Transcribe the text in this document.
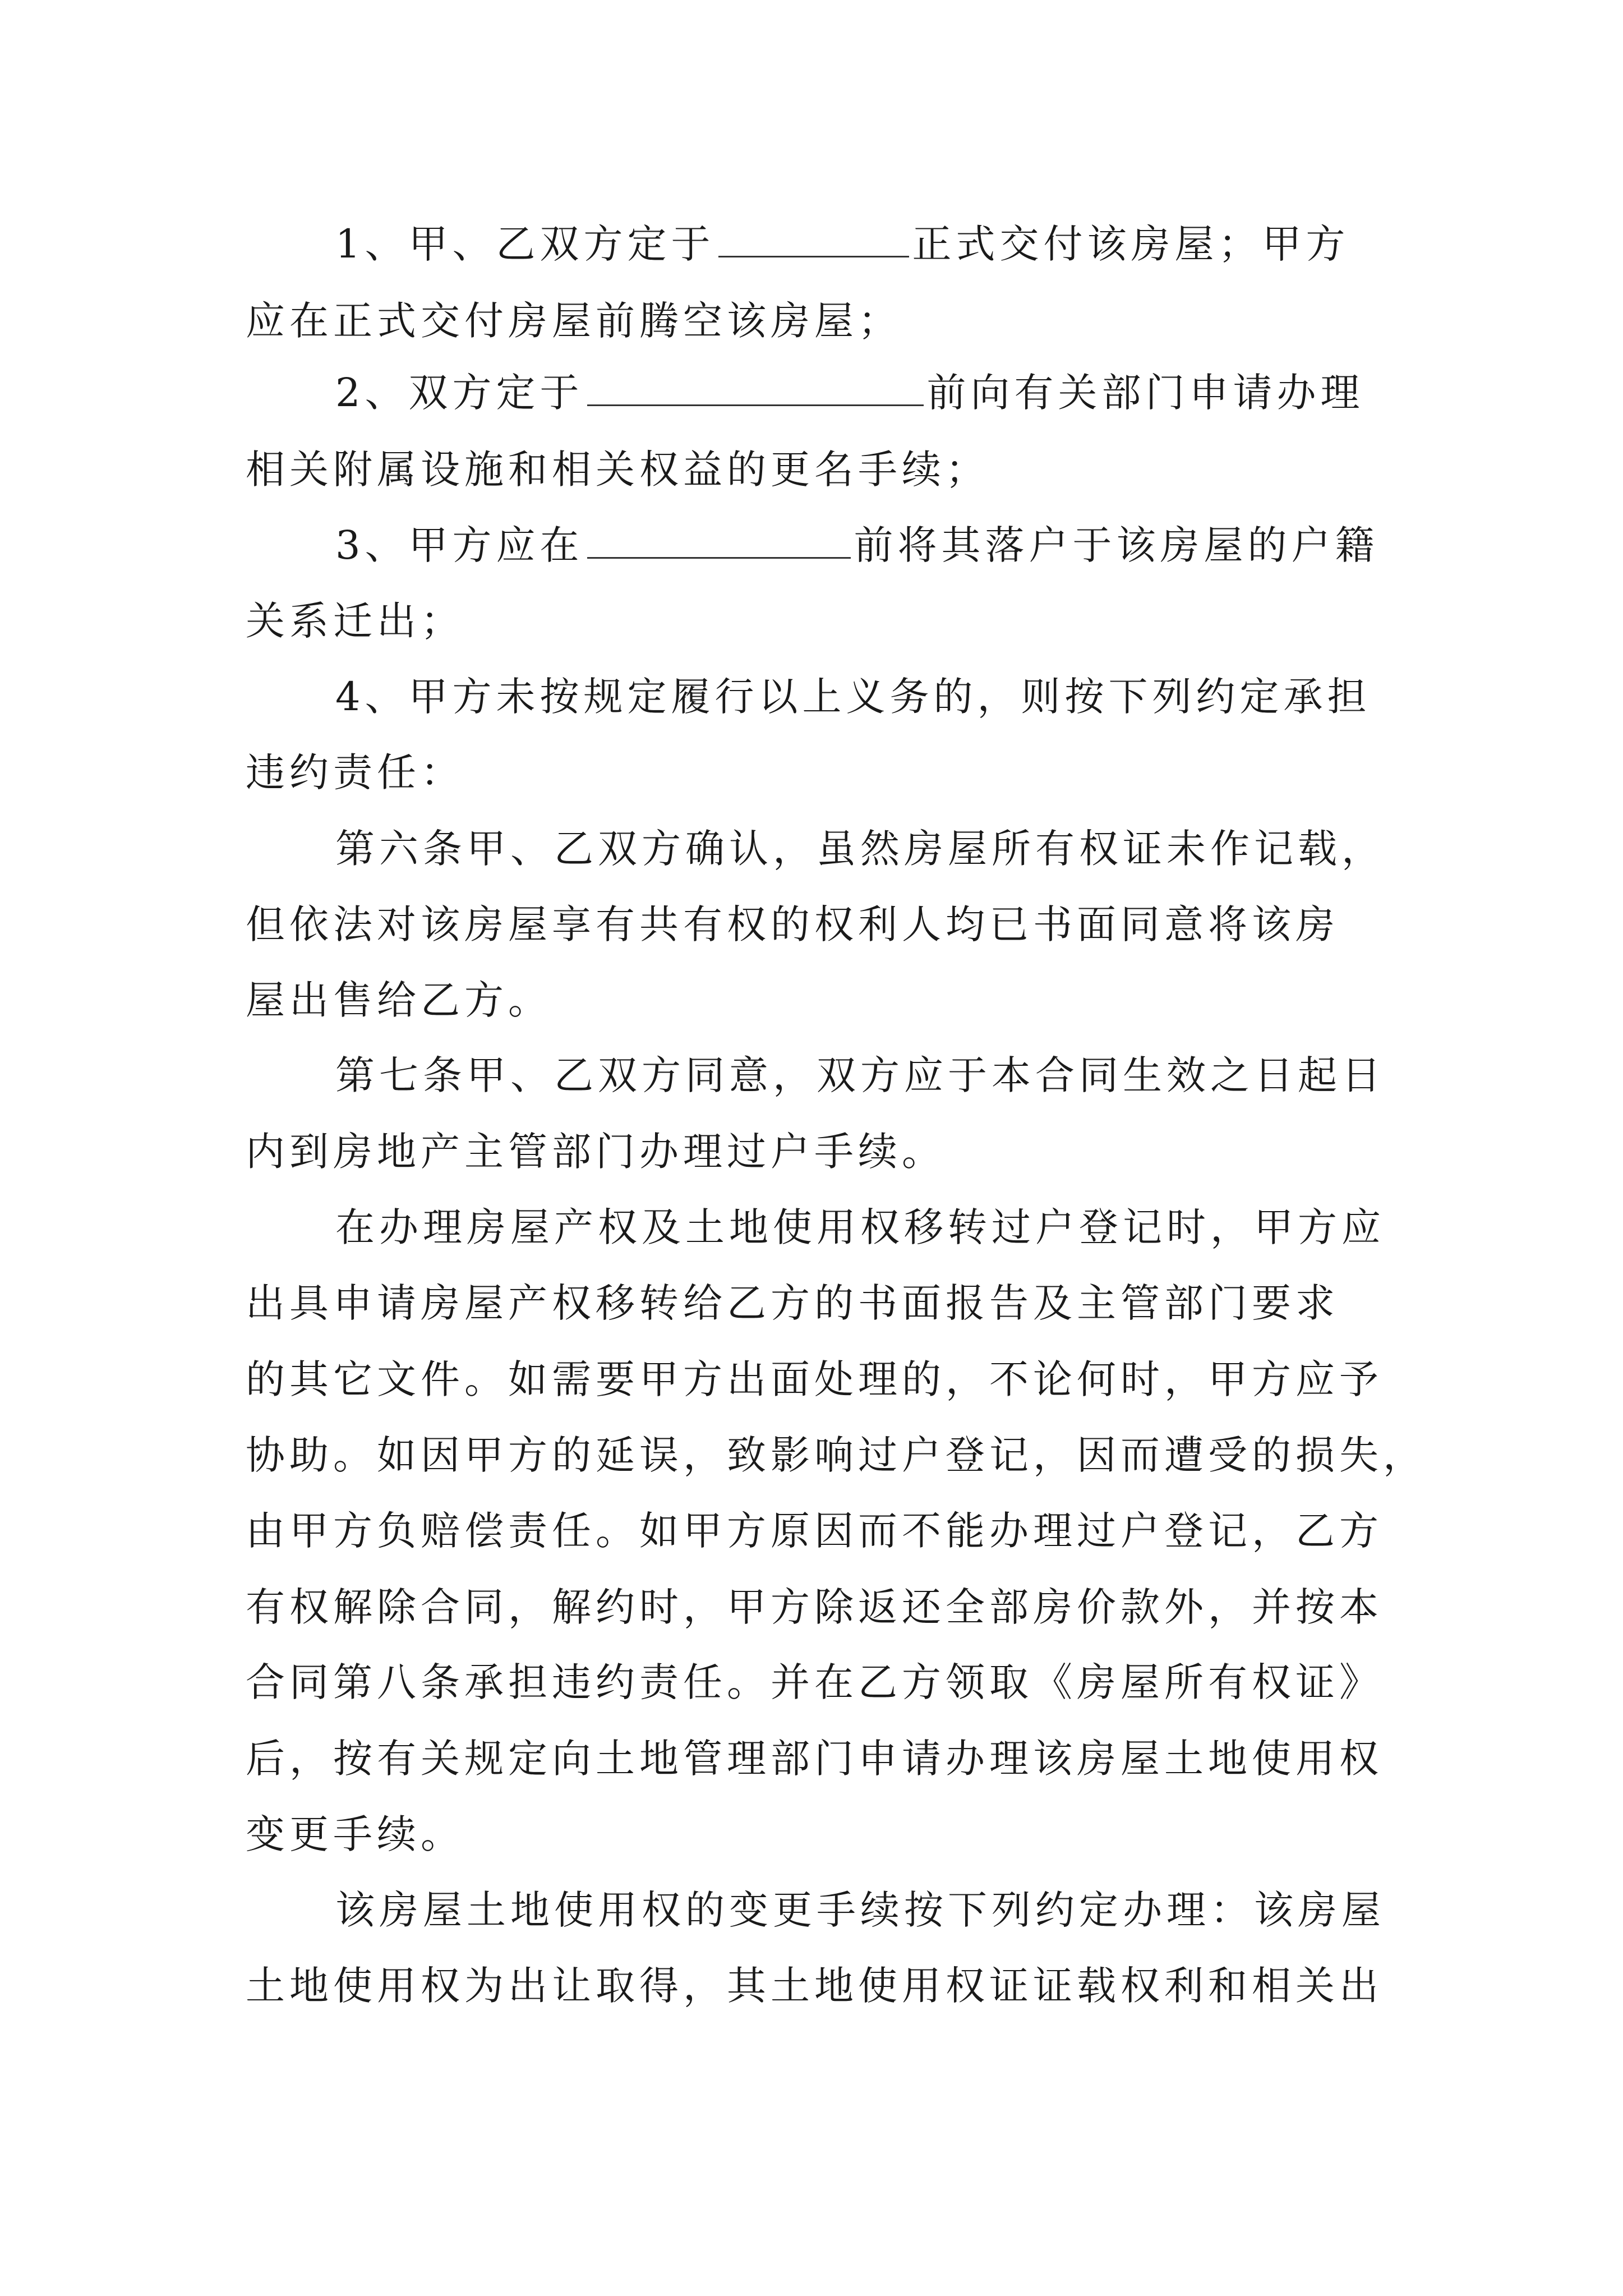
1、甲、乙双方定于	正式交付该房屋；甲方
应在正式交付房屋前腾空该房屋；
2、双方定于	前向有关部门申请办理
相关附属设施和相关权益的更名手续；
3、甲方应在	前将其落户于该房屋的户籍
关系迁出；
4、甲方未按规定履行以上义务的，则按下列约定承担
违约责任：
第六条甲、乙双方确认，虽然房屋所有权证未作记载，
但依法对该房屋享有共有权的权利人均已书面同意将该房
屋出售给乙方。
第七条甲、乙双方同意，双方应于本合同生效之日起日
内到房地产主管部门办理过户手续。
在办理房屋产权及土地使用权移转过户登记时，甲方应
出具申请房屋产权移转给乙方的书面报告及主管部门要求
的其它文件。如需要甲方出面处理的，不论何时，甲方应予
协助。如因甲方的延误，致影响过户登记，因而遭受的损失，
由甲方负赔偿责任。如甲方原因而不能办理过户登记，乙方
有权解除合同，解约时，甲方除返还全部房价款外，并按本
合同第八条承担违约责任。并在乙方领取《房屋所有权证》
后，按有关规定向土地管理部门申请办理该房屋土地使用权
变更手续。
该房屋土地使用权的变更手续按下列约定办理：该房屋
土地使用权为出让取得，其土地使用权证证载权利和相关出
